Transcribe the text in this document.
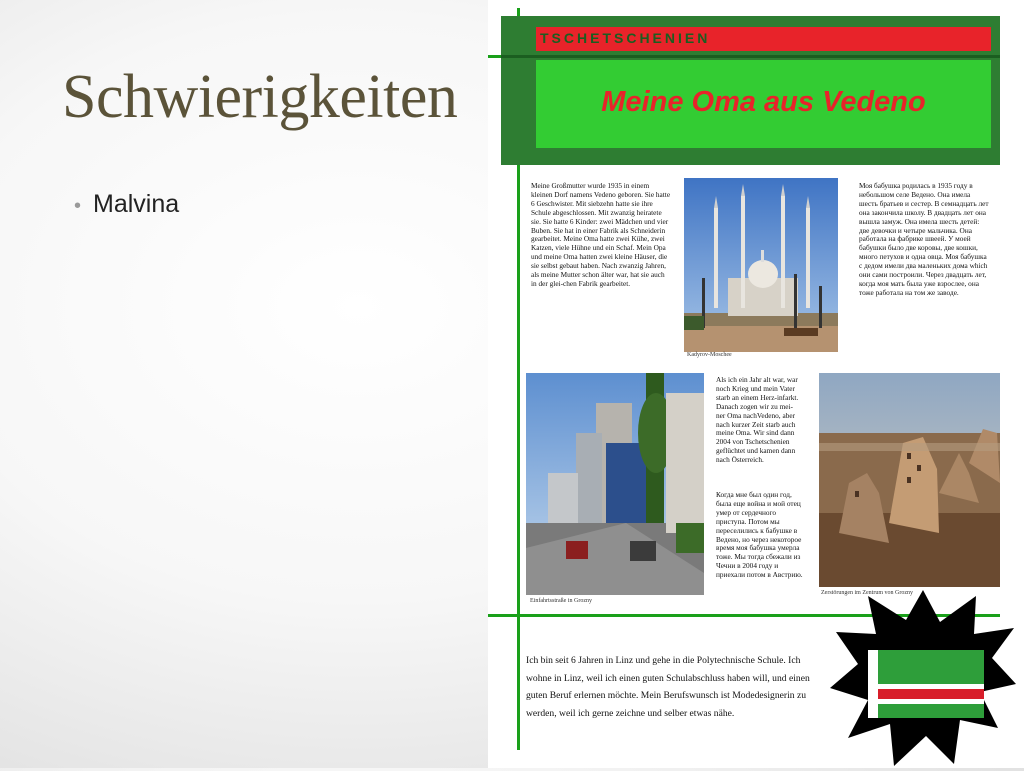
Schwierigkeiten
• Malvina
TSCHETSCHENIEN
Meine Oma aus Vedeno
Meine Großmutter wurde 1935 in einem kleinen Dorf namens Vedeno geboren. Sie hatte 6 Geschwister. Mit siebzehn hatte sie ihre Schule abgeschlossen. Mit zwanzig heiratete sie. Sie hatte 6 Kinder: zwei Mädchen und vier Buben. Sie hat in einer Fabrik als Schneiderin gearbeitet. Meine Oma hatte zwei Kühe, zwei Katzen, viele Hühne und ein Schaf. Mein Opa und meine Oma hatten zwei kleine Häuser, die sie selbst gebaut haben. Nach zwanzig Jahren, als meine Mutter schon älter war, hat sie auch in der glei-chen Fabrik gearbeitet.
Kadyrov-Moschee
Моя бабушка родилась в 1935 году в небольшом селе Ведено. Она имела шесть братьев и сестер. В семнадцать лет она закончила школу. В двадцать лет она вышла замуж. Она имела шесть детей: две девочки и четыре мальчика. Она работала на фабрике швеей. У моей бабушки было две коровы, две кошки, много петухов и одна овца. Моя бабушка с дедом имели два маленьких дома which они сами построили. Через двадцать лет, когда моя мать была уже взрослее, она тоже работала на том же заводе.
Einfahrtsstraße in Grozny
Als ich ein Jahr alt war, war noch Krieg und mein Vater starb an einem Herz-infarkt. Danach zogen wir zu mei-ner Oma nachVedeno, aber nach kurzer Zeit starb auch meine Oma. Wir sind dann 2004 von Tschetschenien geflüchtet und kamen dann nach Österreich.
Когда мне был один год, была еще война и мой отец умер от сердечного приступа. Потом мы переселились к бабушке в Ведено, но через некоторое время моя бабушка умерла тоже. Мы тогда сбежали из Чечни в 2004 году и приехали потом в Австрию.
Zerstörungen im Zentrum von Grozny
Ich bin seit 6 Jahren in Linz und gehe in die Polytechnische Schule. Ich wohne in Linz, weil ich einen guten Schulabschluss haben will, und einen guten Beruf erlernen möchte. Mein Berufswunsch ist Modedesignerin zu werden, weil ich gerne zeichne und selber etwas nähe.
